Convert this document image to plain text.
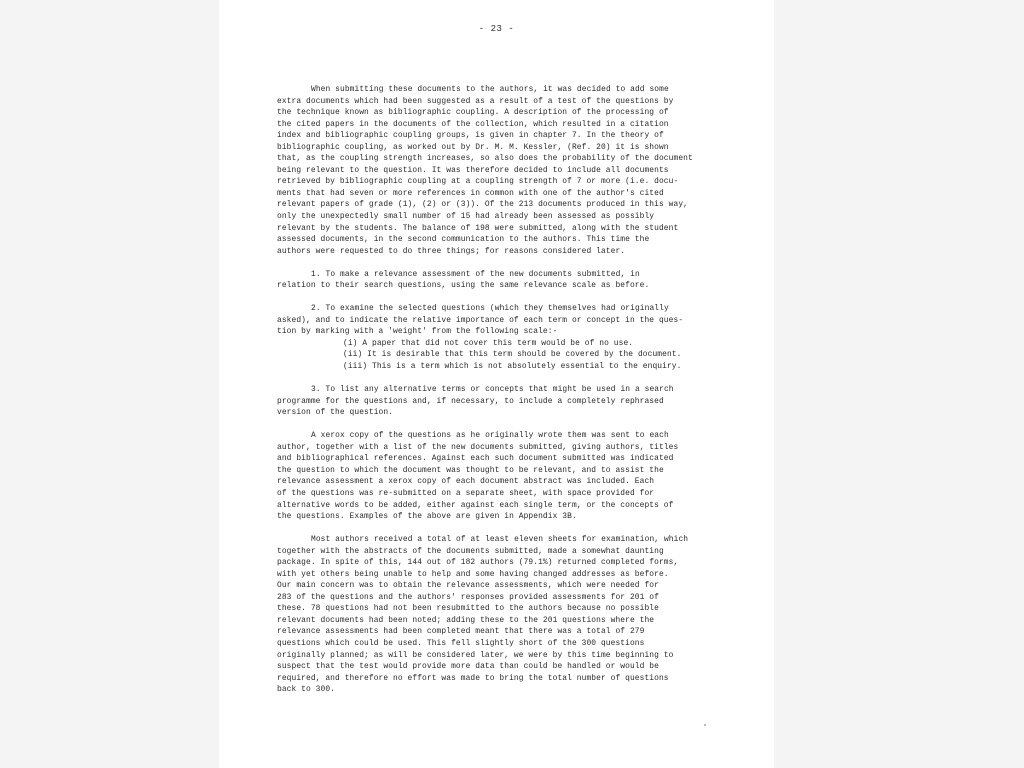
- 23 -
When submitting these documents to the authors, it was decided to add some
extra documents which had been suggested as a result of a test of the questions by
the technique known as bibliographic coupling. A description of the processing of
the cited papers in the documents of the collection, which resulted in a citation
index and bibliographic coupling groups, is given in chapter 7. In the theory of
bibliographic coupling, as worked out by Dr. M. M. Kessler, (Ref. 20) it is shown
that, as the coupling strength increases, so also does the probability of the document
being relevant to the question. It was therefore decided to include all documents
retrieved by bibliographic coupling at a coupling strength of 7 or more (i.e. docu-
ments that had seven or more references in common with one of the author's cited
relevant papers of grade (1), (2) or (3)). Of the 213 documents produced in this way,
only the unexpectedly small number of 15 had already been assessed as possibly
relevant by the students. The balance of 198 were submitted, along with the student
assessed documents, in the second communication to the authors. This time the
authors were requested to do three things; for reasons considered later.
1. To make a relevance assessment of the new documents submitted, in
relation to their search questions, using the same relevance scale as before.
2. To examine the selected questions (which they themselves had originally
asked), and to indicate the relative importance of each term or concept in the ques-
tion by marking with a 'weight' from the following scale:-
(i) A paper that did not cover this term would be of no use.
(ii) It is desirable that this term should be covered by the document.
(iii) This is a term which is not absolutely essential to the enquiry.
3. To list any alternative terms or concepts that might be used in a search
programme for the questions and, if necessary, to include a completely rephrased
version of the question.
A xerox copy of the questions as he originally wrote them was sent to each
author, together with a list of the new documents submitted, giving authors, titles
and bibliographical references. Against each such document submitted was indicated
the question to which the document was thought to be relevant, and to assist the
relevance assessment a xerox copy of each document abstract was included. Each
of the questions was re-submitted on a separate sheet, with space provided for
alternative words to be added, either against each single term, or the concepts of
the questions. Examples of the above are given in Appendix 3B.
Most authors received a total of at least eleven sheets for examination, which
together with the abstracts of the documents submitted, made a somewhat daunting
package. In spite of this, 144 out of 182 authors (79.1%) returned completed forms,
with yet others being unable to help and some having changed addresses as before.
Our main concern was to obtain the relevance assessments, which were needed for
283 of the questions and the authors' responses provided assessments for 201 of
these. 78 questions had not been resubmitted to the authors because no possible
relevant documents had been noted; adding these to the 201 questions where the
relevance assessments had been completed meant that there was a total of 279
questions which could be used. This fell slightly short of the 300 questions
originally planned; as will be considered later, we were by this time beginning to
suspect that the test would provide more data than could be handled or would be
required, and therefore no effort was made to bring the total number of questions
back to 300.
